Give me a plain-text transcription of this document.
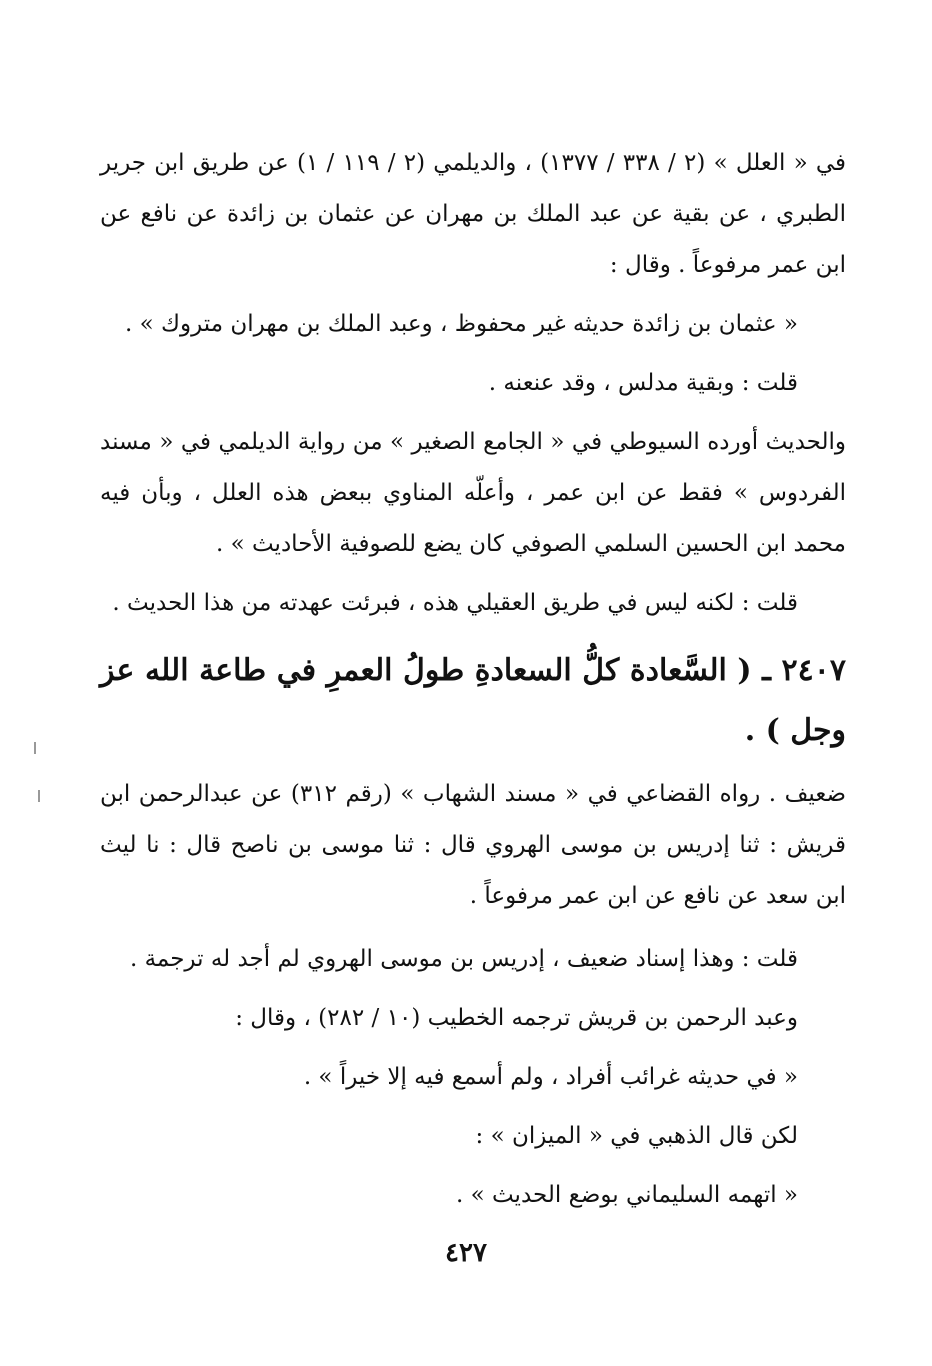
في « العلل » (٢ / ٣٣٨ / ١٣٧٧) ، والديلمي (٢ / ١١٩ / ١) عن طريق ابن جرير الطبري ، عن بقية عن عبد الملك بن مهران عن عثمان بن زائدة عن نافع عن ابن عمر مرفوعاً . وقال :

« عثمان بن زائدة حديثه غير محفوظ ، وعبد الملك بن مهران متروك » .

قلت : وبقية مدلس ، وقد عنعنه .

والحديث أورده السيوطي في « الجامع الصغير » من رواية الديلمي في « مسند الفردوس » فقط عن ابن عمر ، وأعلّه المناوي ببعض هذه العلل ، وبأن فيه محمد ابن الحسين السلمي الصوفي كان يضع للصوفية الأحاديث » .

قلت : لكنه ليس في طريق العقيلي هذه ، فبرئت عهدته من هذا الحديث .

٢٤٠٧ ـ ( السَّعادة كلُّ السعادةِ طولُ العمرِ في طاعة الله عز وجل ) .

ضعيف . رواه القضاعي في « مسند الشهاب » (رقم ٣١٢) عن عبدالرحمن ابن قريش : ثنا إدريس بن موسى الهروي قال : ثنا موسى بن ناصح قال : نا ليث ابن سعد عن نافع عن ابن عمر مرفوعاً .

قلت : وهذا إسناد ضعيف ، إدريس بن موسى الهروي لم أجد له ترجمة .

وعبد الرحمن بن قريش ترجمه الخطيب (١٠ / ٢٨٢) ، وقال :

« في حديثه غرائب أفراد ، ولم أسمع فيه إلا خيراً » .

لكن قال الذهبي في « الميزان » :

« اتهمه السليماني بوضع الحديث » .

٤٢٧
